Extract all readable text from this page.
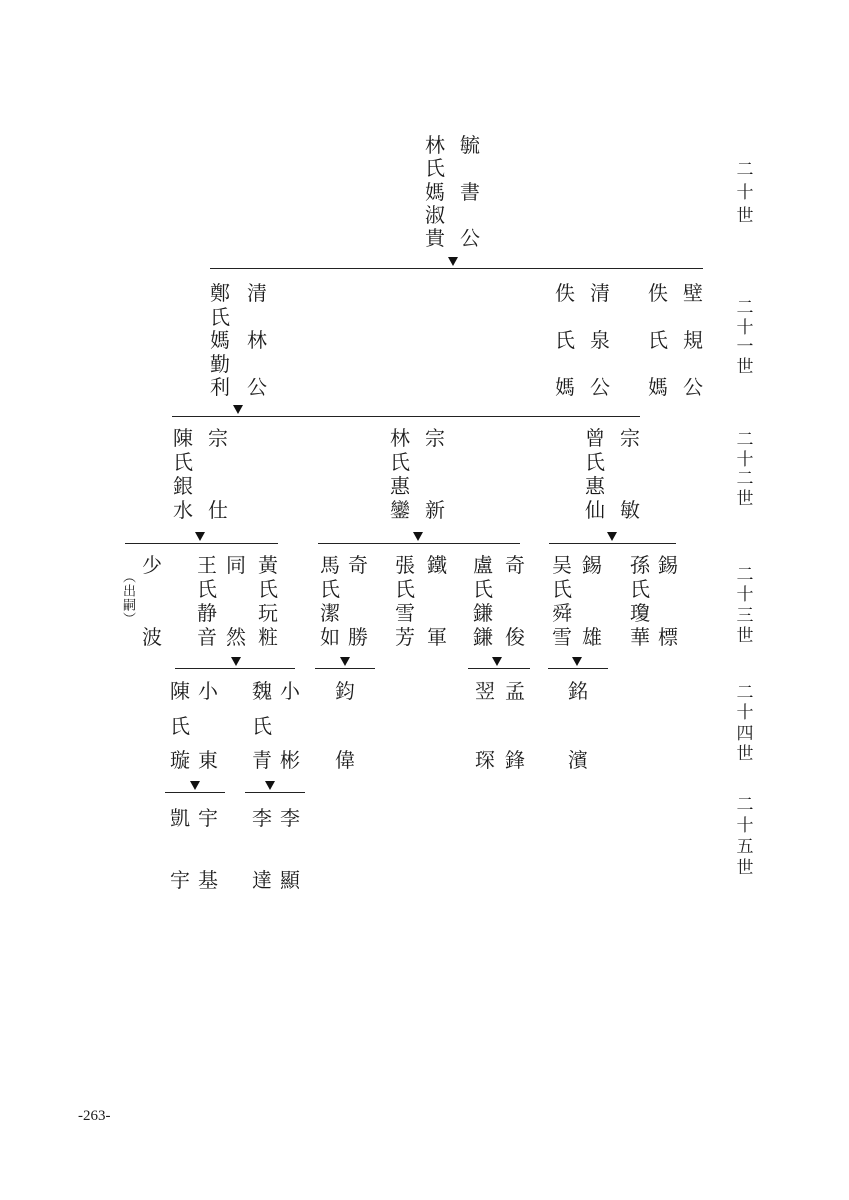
二
十
世
二
十
一
世
二
十
二
世
二
十
三
世
二
十
四
世
二
十
五
世
毓
書
公
林
氏
媽
淑
貴
清
林
公
鄭
氏
媽
勤
利
清
泉
公
佚
氏
媽
壁
規
公
佚
氏
媽
宗
仕
陳
氏
銀
水
宗
新
林
氏
惠
鑾
宗
敏
曾
氏
惠
仙
少
波
（出嗣）
王
氏
静
音
同
然
黃
氏
玩
粧
馬
氏
潔
如
奇
勝
張
氏
雪
芳
鐵
軍
盧
氏
鎌
鎌
奇
俊
吴
氏
舜
雪
錫
雄
孫
氏
瓊
華
錫
標
陳
氏
璇
小
東
魏
氏
青
小
彬
鈞
偉
孟
鋒
翌
琛
銘
濱
宇
基
凱
宇
李
顯
李
達
-263-
